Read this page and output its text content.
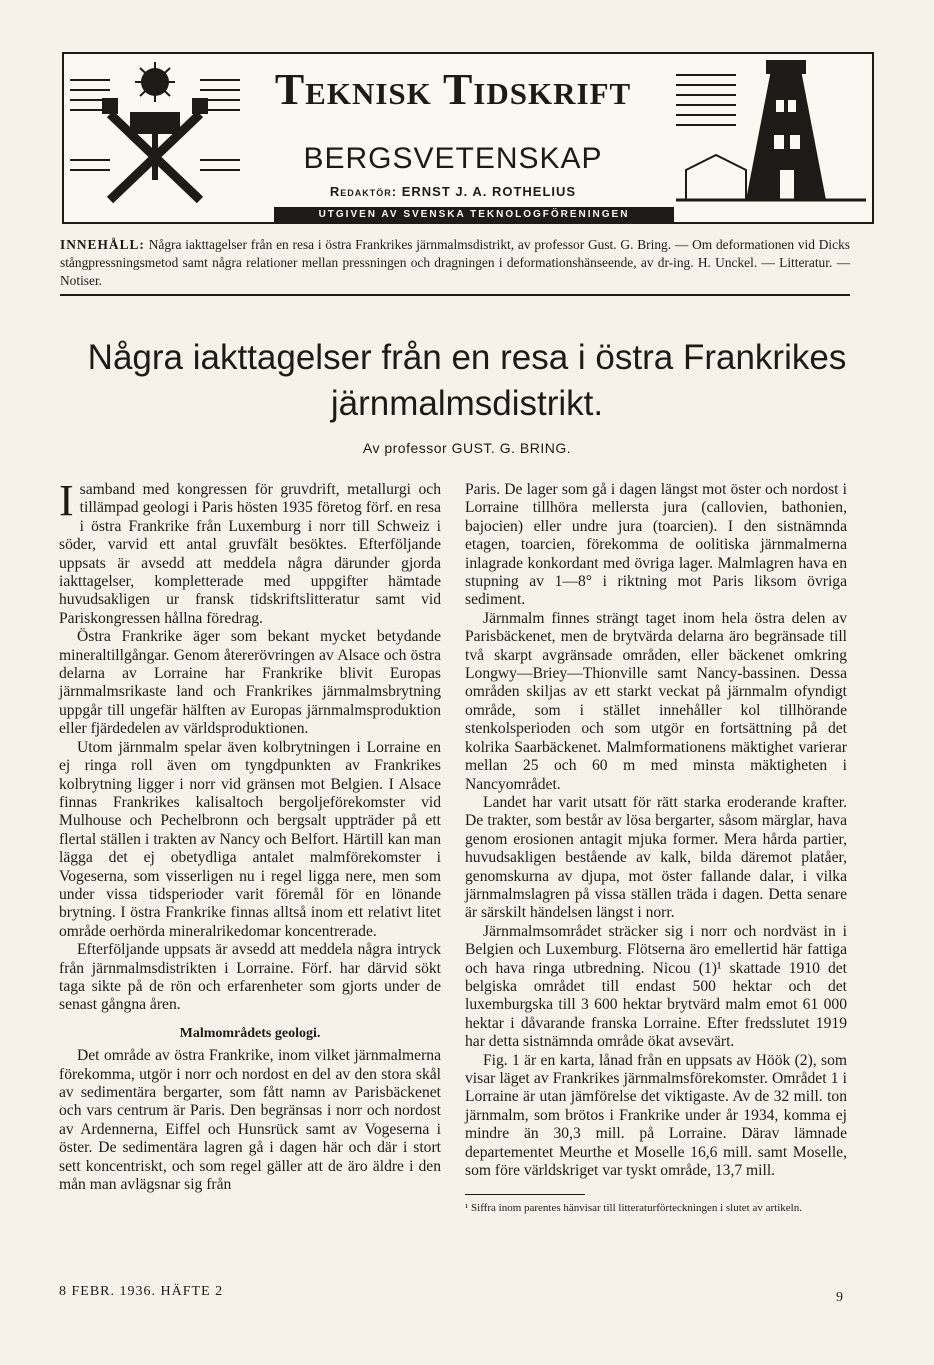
Teknisk Tidskrift
BERGSVETENSKAP
Redaktör: ERNST J. A. ROTHELIUS
UTGIVEN AV SVENSKA TEKNOLOGFÖRENINGEN
INNEHÅLL: Några iakttagelser från en resa i östra Frankrikes järnmalmsdistrikt, av professor Gust. G. Bring. — Om deformationen vid Dicks stångpressningsmetod samt några relationer mellan pressningen och dragningen i deformationshänseende, av dr-ing. H. Unckel. — Litteratur. — Notiser.
Några iakttagelser från en resa i östra Frankrikes järnmalmsdistrikt.
Av professor GUST. G. BRING.

Isamband med kongressen för gruvdrift, metallurgi och tillämpad geologi i Paris hösten 1935 företog förf. en resa i östra Frankrike från Luxemburg i norr till Schweiz i söder, varvid ett antal gruvfält besöktes. Efterföljande uppsats är avsedd att meddela några därunder gjorda iakttagelser, kompletterade med uppgifter hämtade huvudsakligen ur fransk tidskriftslitteratur samt vid Pariskongressen hållna föredrag.

Östra Frankrike äger som bekant mycket betydande mineraltillgångar. Genom återerövringen av Alsace och östra delarna av Lorraine har Frankrike blivit Europas järnmalmsrikaste land och Frankrikes järnmalmsbrytning uppgår till ungefär hälften av Europas järnmalmsproduktion eller fjärdedelen av världsproduktionen.

Utom järnmalm spelar även kolbrytningen i Lorraine en ej ringa roll även om tyngdpunkten av Frankrikes kolbrytning ligger i norr vid gränsen mot Belgien. I Alsace finnas Frankrikes kalisaltoch bergoljeförekomster vid Mulhouse och Pechelbronn och bergsalt uppträder på ett flertal ställen i trakten av Nancy och Belfort. Härtill kan man lägga det ej obetydliga antalet malmförekomster i Vogeserna, som visserligen nu i regel ligga nere, men som under vissa tidsperioder varit föremål för en lönande brytning. I östra Frankrike finnas alltså inom ett relativt litet område oerhörda mineralrikedomar koncentrerade.

Efterföljande uppsats är avsedd att meddela några intryck från järnmalmsdistrikten i Lorraine. Förf. har därvid sökt taga sikte på de rön och erfarenheter som gjorts under de senast gångna åren.

Malmområdets geologi.

Det område av östra Frankrike, inom vilket järnmalmerna förekomma, utgör i norr och nordost en del av den stora skål av sedimentära bergarter, som fått namn av Parisbäckenet och vars centrum är Paris. Den begränsas i norr och nordost av Ardennerna, Eiffel och Hunsrück samt av Vogeserna i öster. De sedimentära lagren gå i dagen här och där i stort sett koncentriskt, och som regel gäller att de äro äldre i den mån man avlägsnar sig från

Paris. De lager som gå i dagen längst mot öster och nordost i Lorraine tillhöra mellersta jura (callovien, bathonien, bajocien) eller undre jura (toarcien). I den sistnämnda etagen, toarcien, förekomma de oolitiska järnmalmerna inlagrade konkordant med övriga lager. Malmlagren hava en stupning av 1—8° i riktning mot Paris liksom övriga sediment.

Järnmalm finnes strängt taget inom hela östra delen av Parisbäckenet, men de brytvärda delarna äro begränsade till två skarpt avgränsade områden, eller bäckenet omkring Longwy—Briey—Thionville samt Nancy-bassinen. Dessa områden skiljas av ett starkt veckat på järnmalm ofyndigt område, som i stället innehåller kol tillhörande stenkolsperioden och som utgör en fortsättning på det kolrika Saarbäckenet. Malmformationens mäktighet varierar mellan 25 och 60 m med minsta mäktigheten i Nancyområdet.

Landet har varit utsatt för rätt starka eroderande krafter. De trakter, som består av lösa bergarter, såsom märglar, hava genom erosionen antagit mjuka former. Mera hårda partier, huvudsakligen bestående av kalk, bilda däremot platåer, genomskurna av djupa, mot öster fallande dalar, i vilka järnmalmslagren på vissa ställen träda i dagen. Detta senare är särskilt händelsen längst i norr.

Järnmalmsområdet sträcker sig i norr och nordväst in i Belgien och Luxemburg. Flötserna äro emellertid här fattiga och hava ringa utbredning. Nicou (1)¹ skattade 1910 det belgiska området till endast 500 hektar och det luxemburgska till 3 600 hektar brytvärd malm emot 61 000 hektar i dåvarande franska Lorraine. Efter fredsslutet 1919 har detta sistnämnda område ökat avsevärt.

Fig. 1 är en karta, lånad från en uppsats av Höök (2), som visar läget av Frankrikes järnmalmsförekomster. Området 1 i Lorraine är utan jämförelse det viktigaste. Av de 32 mill. ton järnmalm, som brötos i Frankrike under år 1934, komma ej mindre än 30,3 mill. på Lorraine. Därav lämnade departementet Meurthe et Moselle 16,6 mill. samt Moselle, som före världskriget var tyskt område, 13,7 mill.

¹ Siffra inom parentes hänvisar till litteraturförteckningen i slutet av artikeln.

8 FEBR. 1936. HÄFTE 2	9
